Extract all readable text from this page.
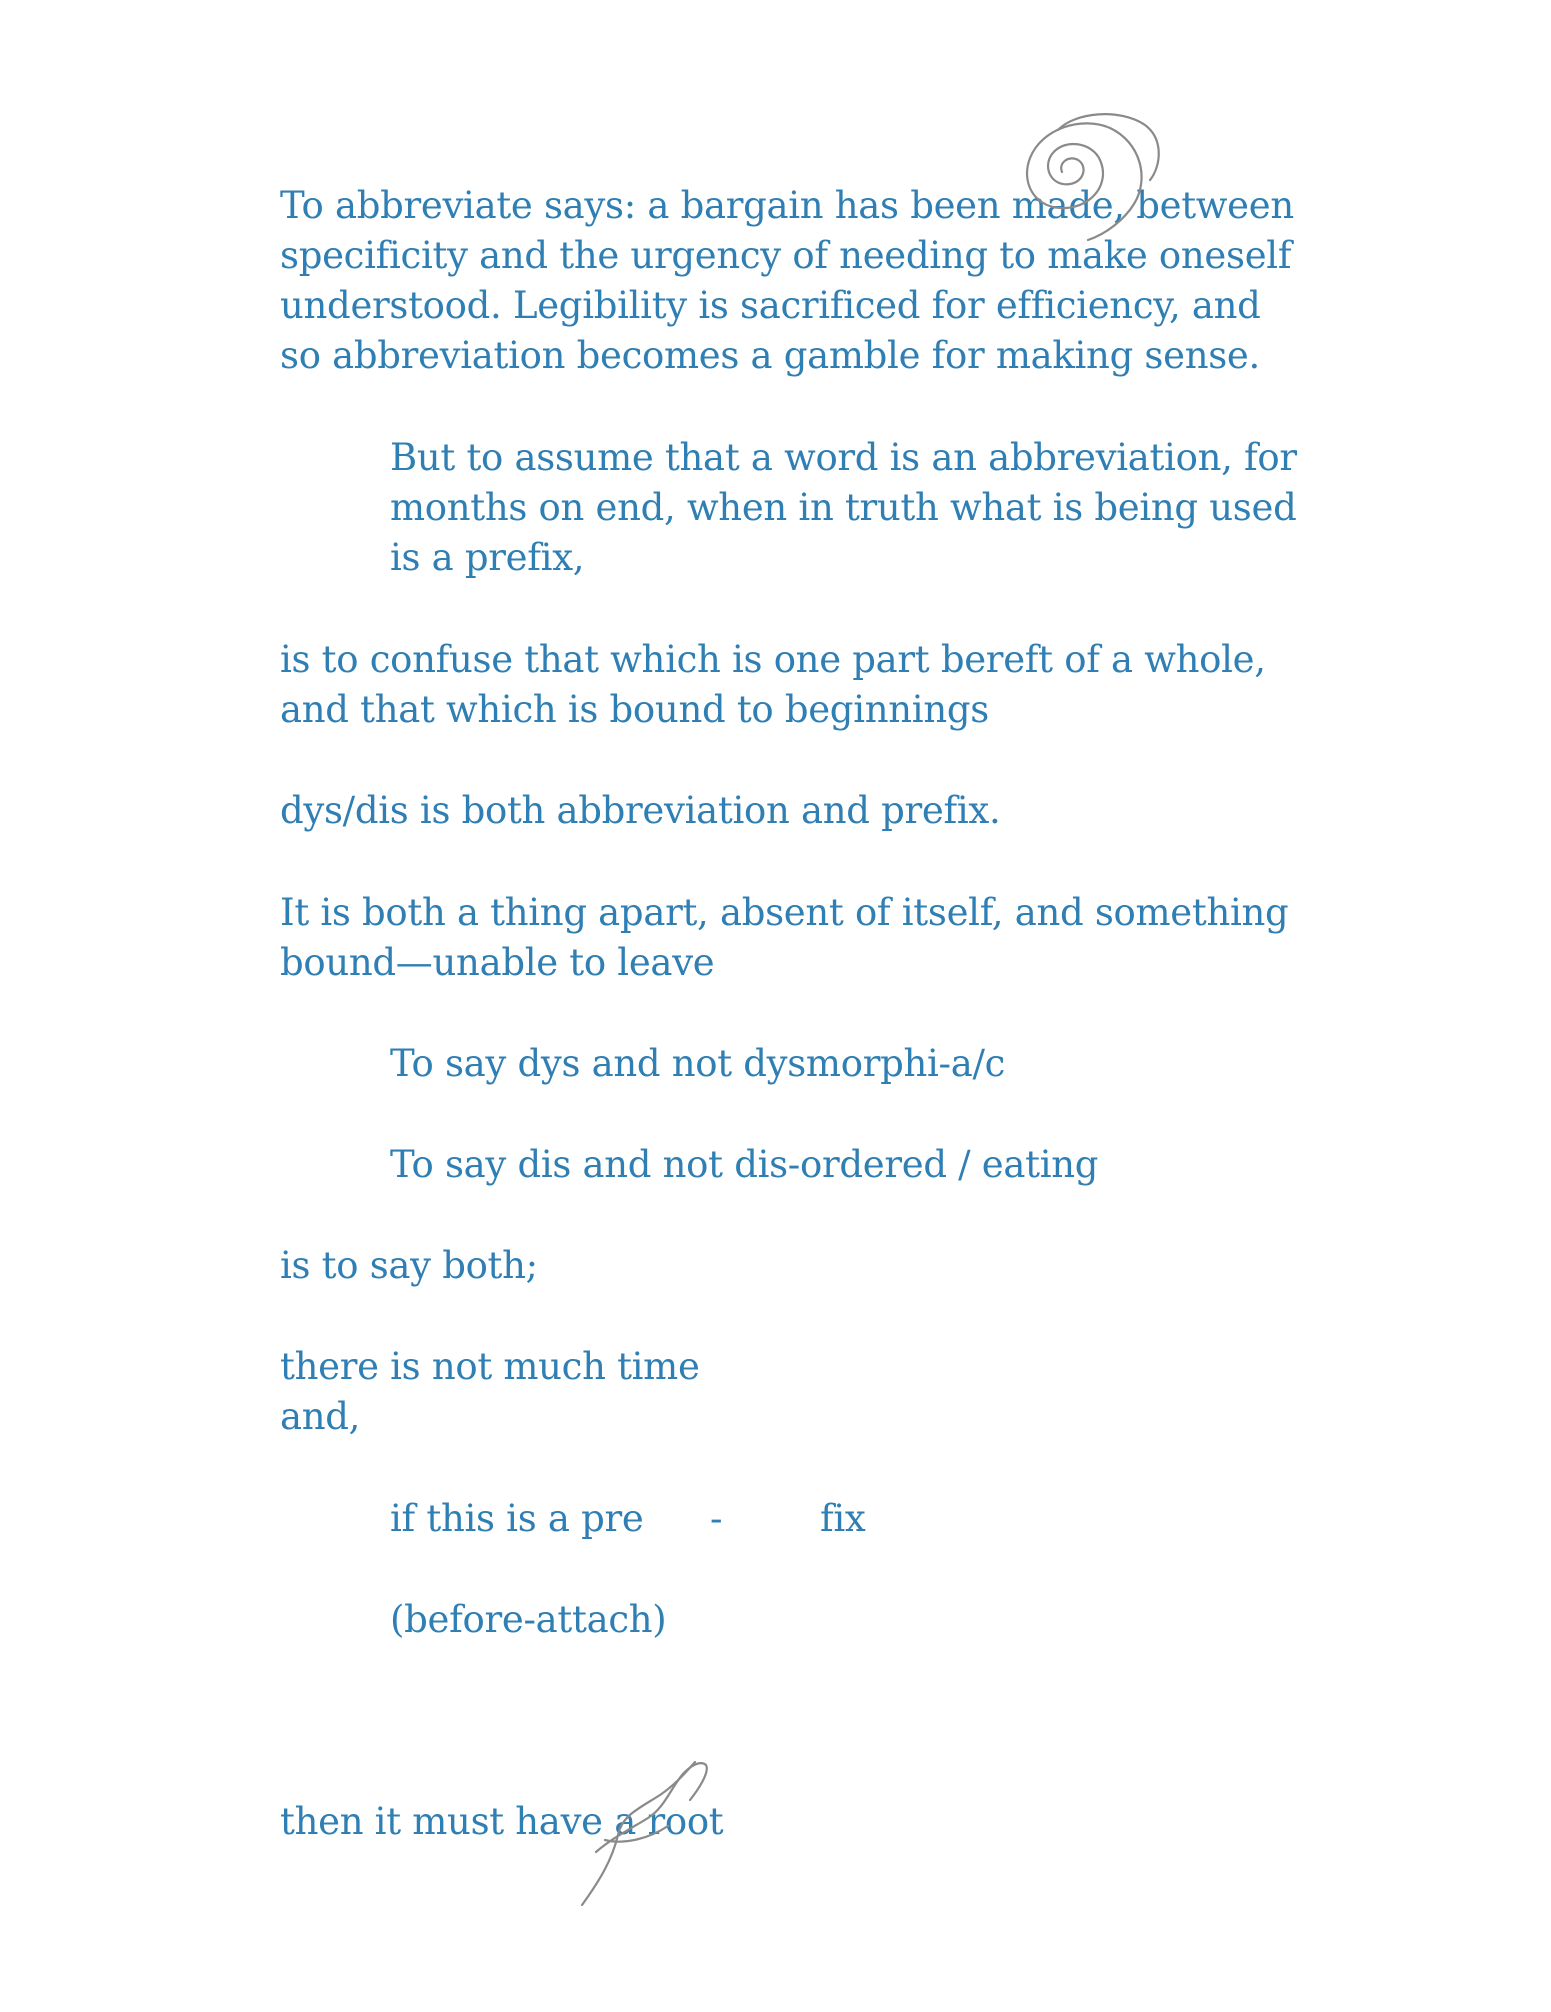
To abbreviate says: a bargain has been made, between
specificity and the urgency of needing to make oneself
understood. Legibility is sacrificed for efficiency, and
so abbreviation becomes a gamble for making sense.
But to assume that a word is an abbreviation, for
months on end, when in truth what is being used
is a prefix,
is to confuse that which is one part bereft of a whole,
and that which is bound to beginnings
dys/dis is both abbreviation and prefix.
It is both a thing apart, absent of itself, and something
bound—unable to leave
To say dys and not dysmorphi-a/c
To say dis and not dis-ordered / eating
is to say both;
there is not much time
and,
if this is a pre -	fix
(before-attach)
then it must have a root
